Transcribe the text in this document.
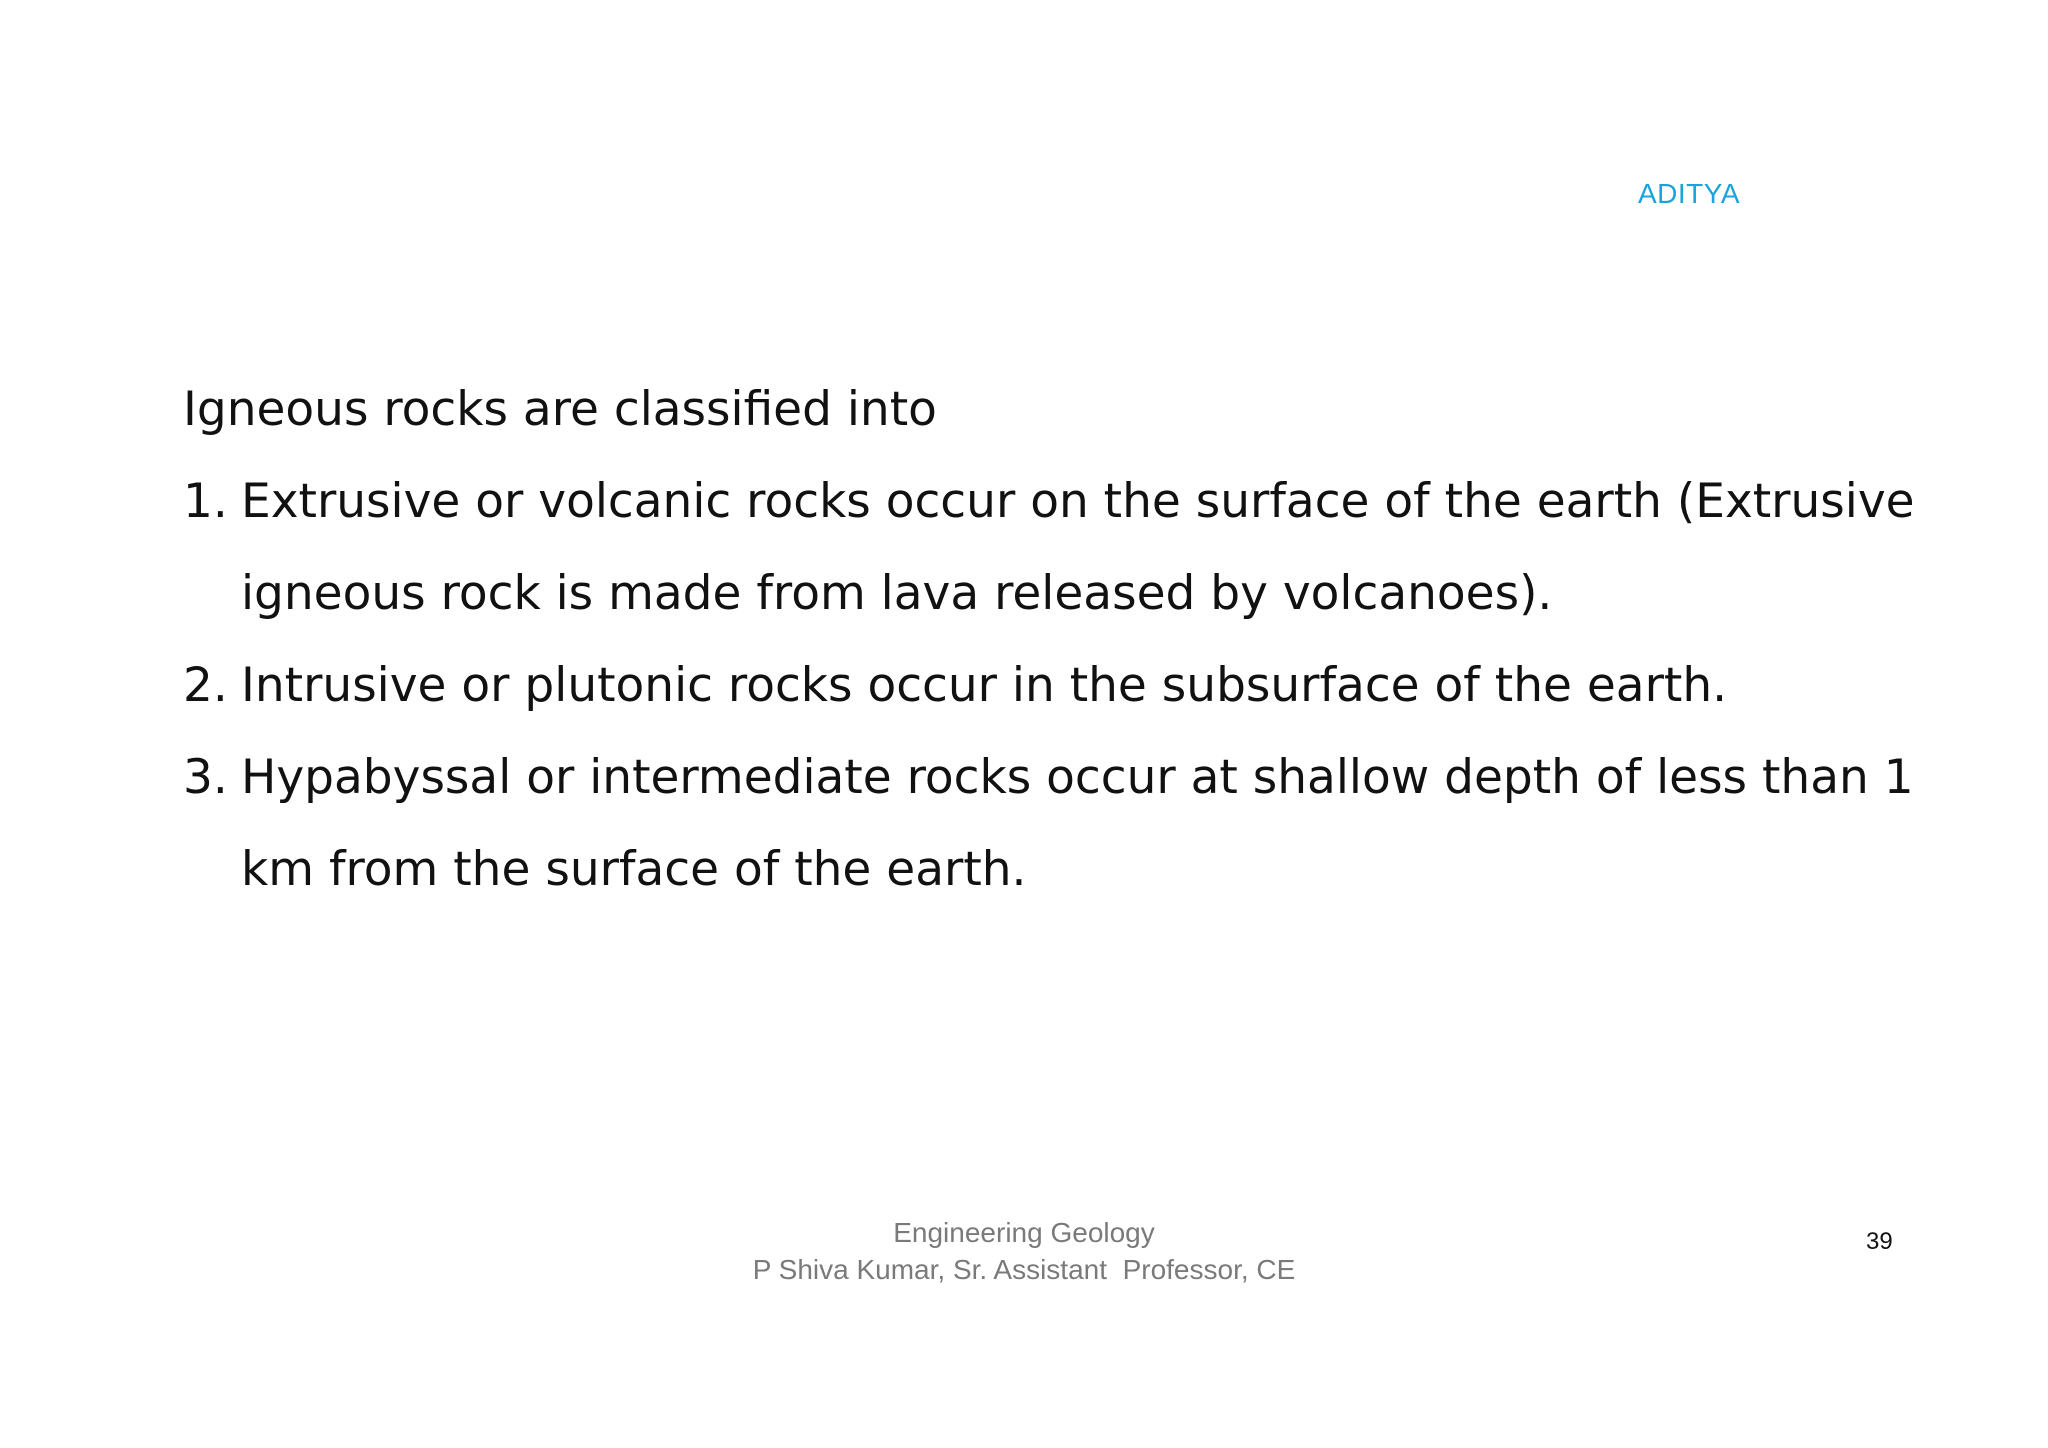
ADITYA
Igneous rocks are classified into
1. Extrusive or volcanic rocks occur on the surface of the earth (Extrusive igneous rock is made from lava released by volcanoes).
2. Intrusive or plutonic rocks occur in the subsurface of the earth.
3. Hypabyssal or intermediate rocks occur at shallow depth of less than 1 km from the surface of the earth.
Engineering Geology
P Shiva Kumar, Sr. Assistant  Professor, CE
39
